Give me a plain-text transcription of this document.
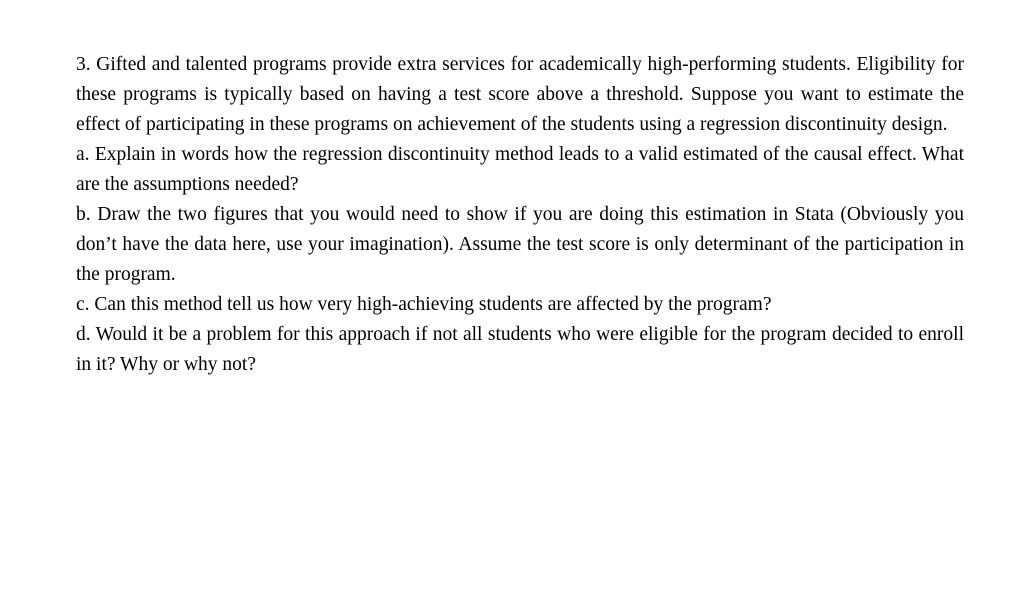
3. Gifted and talented programs provide extra services for academically high-performing students. Eligibility for these programs is typically based on having a test score above a threshold. Suppose you want to estimate the effect of participating in these programs on achievement of the students using a regression discontinuity design.

a. Explain in words how the regression discontinuity method leads to a valid estimated of the causal effect. What are the assumptions needed?

b. Draw the two figures that you would need to show if you are doing this estimation in Stata (Obviously you don’t have the data here, use your imagination). Assume the test score is only determinant of the participation in the program.

c. Can this method tell us how very high-achieving students are affected by the program?

d. Would it be a problem for this approach if not all students who were eligible for the program decided to enroll in it? Why or why not?
